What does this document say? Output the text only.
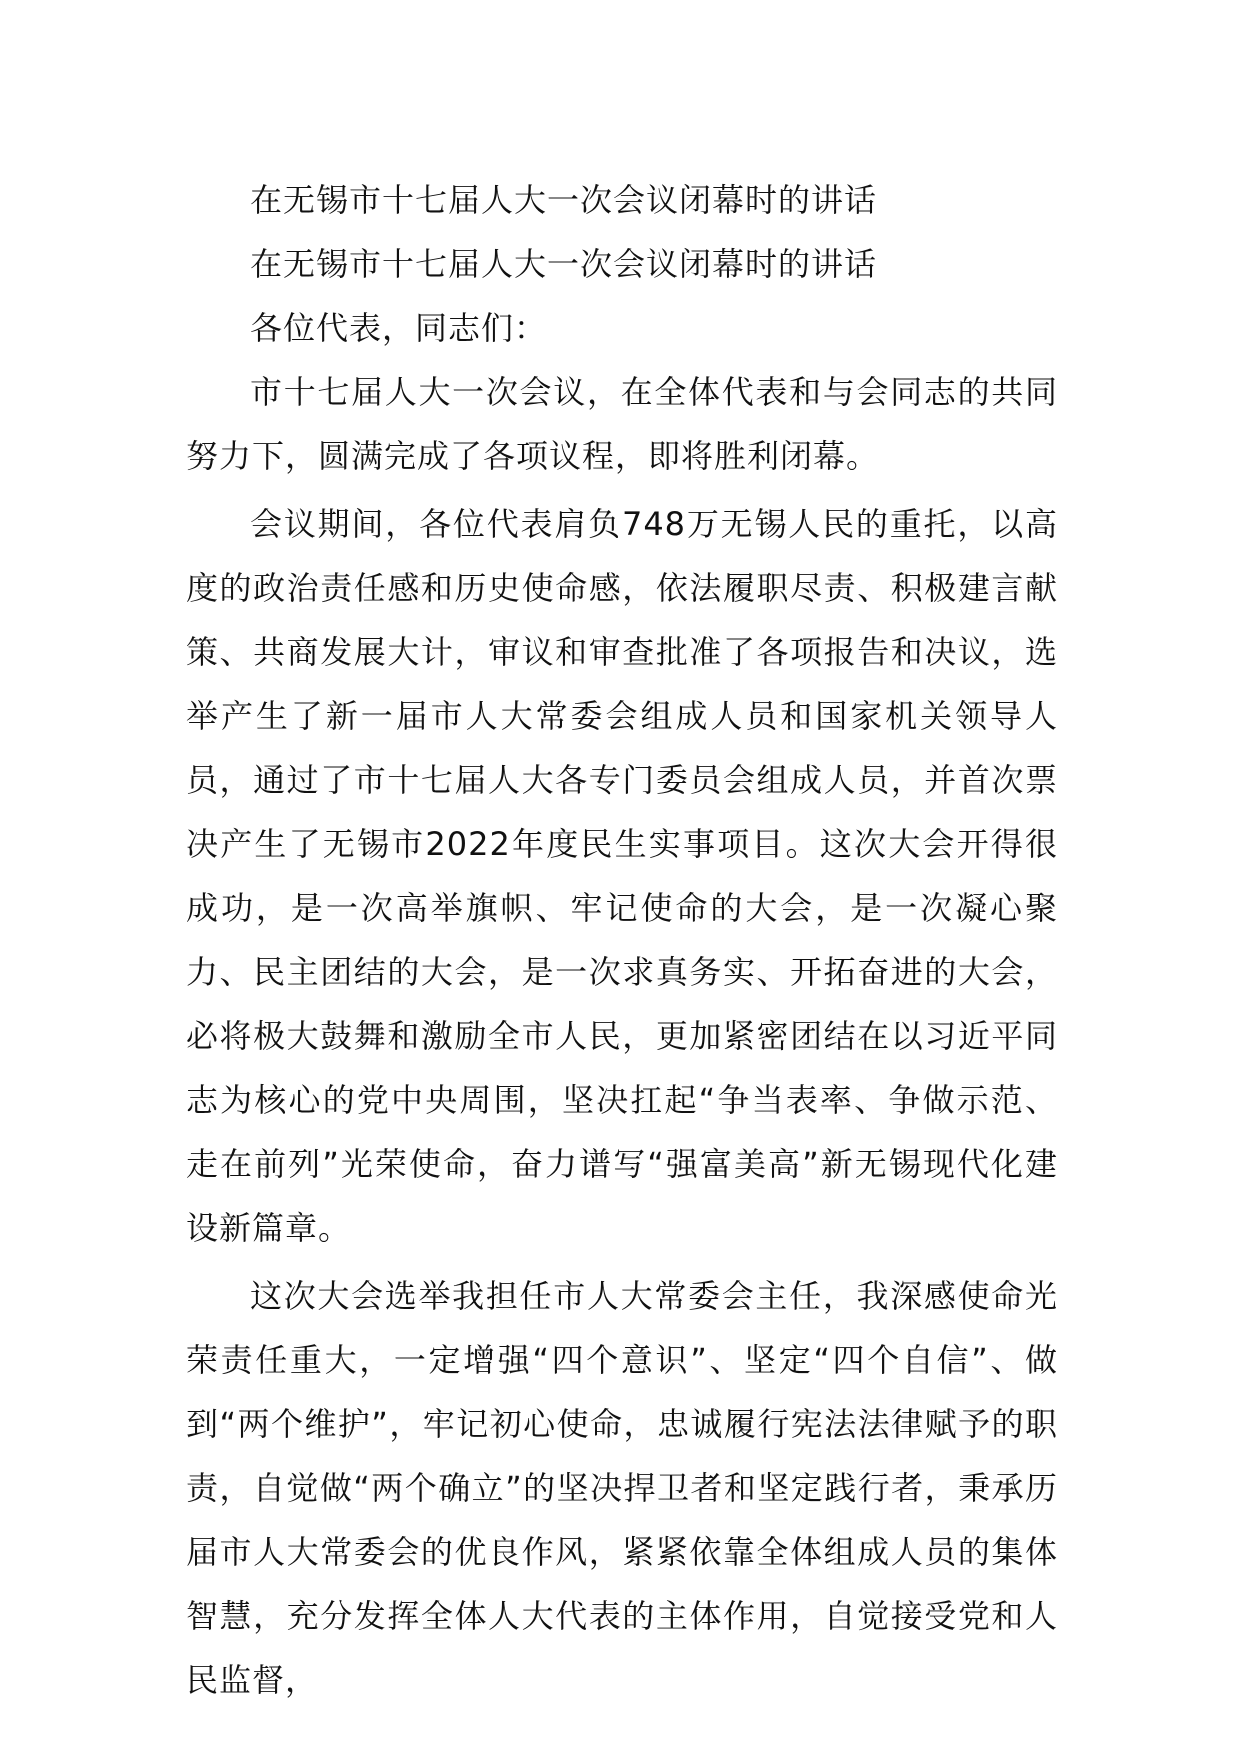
在无锡市十七届人大一次会议闭幕时的讲话

在无锡市十七届人大一次会议闭幕时的讲话

各位代表，同志们：

市十七届人大一次会议，在全体代表和与会同志的共同努力下，圆满完成了各项议程，即将胜利闭幕。

会议期间，各位代表肩负748万无锡人民的重托，以高度的政治责任感和历史使命感，依法履职尽责、积极建言献策、共商发展大计，审议和审查批准了各项报告和决议，选举产生了新一届市人大常委会组成人员和国家机关领导人员，通过了市十七届人大各专门委员会组成人员，并首次票决产生了无锡市2022年度民生实事项目。这次大会开得很成功，是一次高举旗帜、牢记使命的大会，是一次凝心聚力、民主团结的大会，是一次求真务实、开拓奋进的大会，必将极大鼓舞和激励全市人民，更加紧密团结在以习近平同志为核心的党中央周围，坚决扛起“争当表率、争做示范、走在前列”光荣使命，奋力谱写“强富美高”新无锡现代化建设新篇章。

这次大会选举我担任市人大常委会主任，我深感使命光荣责任重大，一定增强“四个意识”、坚定“四个自信”、做到“两个维护”，牢记初心使命，忠诚履行宪法法律赋予的职责，自觉做“两个确立”的坚决捍卫者和坚定践行者，秉承历届市人大常委会的优良作风，紧紧依靠全体组成人员的集体智慧，充分发挥全体人大代表的主体作用，自觉接受党和人民监督，
